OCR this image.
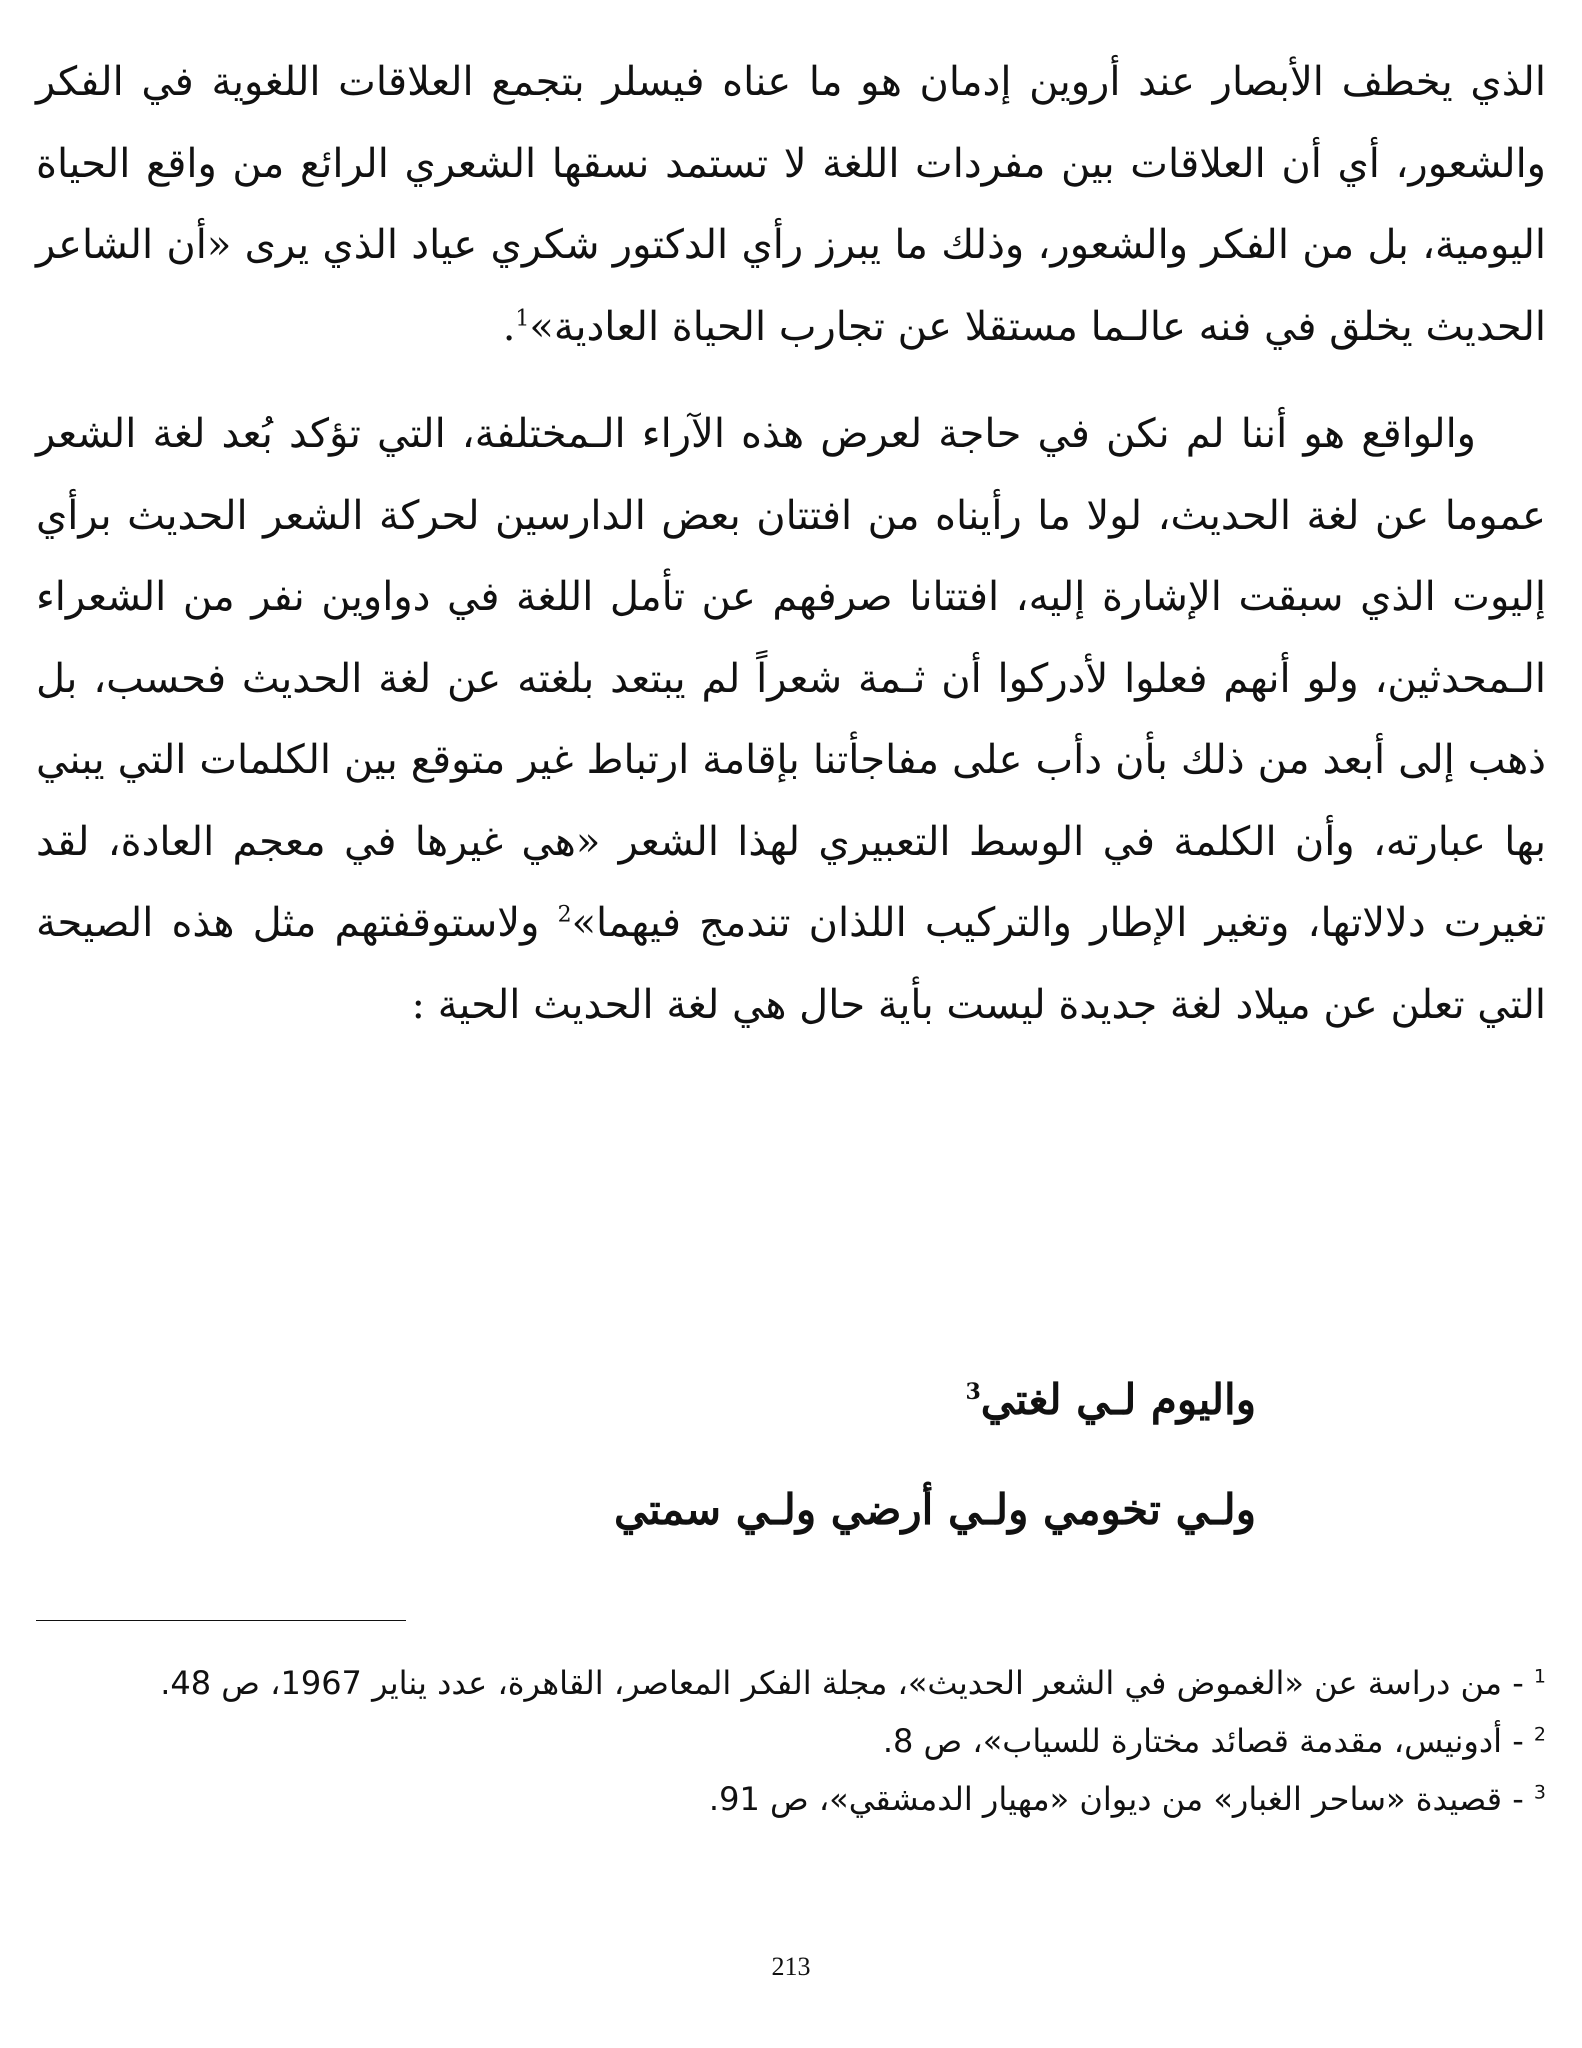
الذي يخطف الأبصار عند أروين إدمان هو ما عناه فيسلر بتجمع العلاقات اللغوية في الفكر والشعور، أي أن العلاقات بين مفردات اللغة لا تستمد نسقها الشعري الرائع من واقع الحياة اليومية، بل من الفكر والشعور، وذلك ما يبرز رأي الدكتور شكري عياد الذي يرى «أن الشاعر الحديث يخلق في فنه عالـما مستقلا عن تجارب الحياة العادية»$^1$.

والواقع هو أننا لم نكن في حاجة لعرض هذه الآراء الـمختلفة، التي تؤكد بُعد لغة الشعر عموما عن لغة الحديث، لولا ما رأيناه من افتتان بعض الدارسين لحركة الشعر الحديث برأي إليوت الذي سبقت الإشارة إليه، افتتانا صرفهم عن تأمل اللغة في دواوين نفر من الشعراء الـمحدثين، ولو أنهم فعلوا لأدركوا أن ثـمة شعراً لم يبتعد بلغته عن لغة الحديث فحسب، بل ذهب إلى أبعد من ذلك بأن دأب على مفاجأتنا بإقامة ارتباط غير متوقع بين الكلمات التي يبني بها عبارته، وأن الكلمة في الوسط التعبيري لهذا الشعر «هي غيرها في معجم العادة، لقد تغيرت دلالاتها، وتغير الإطار والتركيب اللذان تندمج فيهما»$^2$ ولاستوقفتهم مثل هذه الصيحة التي تعلن عن ميلاد لغة جديدة ليست بأية حال هي لغة الحديث الحية :

واليوم لـي لغتي$^3$
ولـي تخومي ولـي أرضي ولـي سمتي

$^1$ - من دراسة عن «الغموض في الشعر الحديث»، مجلة الفكر المعاصر، القاهرة، عدد يناير 1967، ص 48.

$^2$ - أدونيس، مقدمة قصائد مختارة للسياب»، ص 8.

$^3$ - قصيدة «ساحر الغبار» من ديوان «مهيار الدمشقي»، ص 91.

213
